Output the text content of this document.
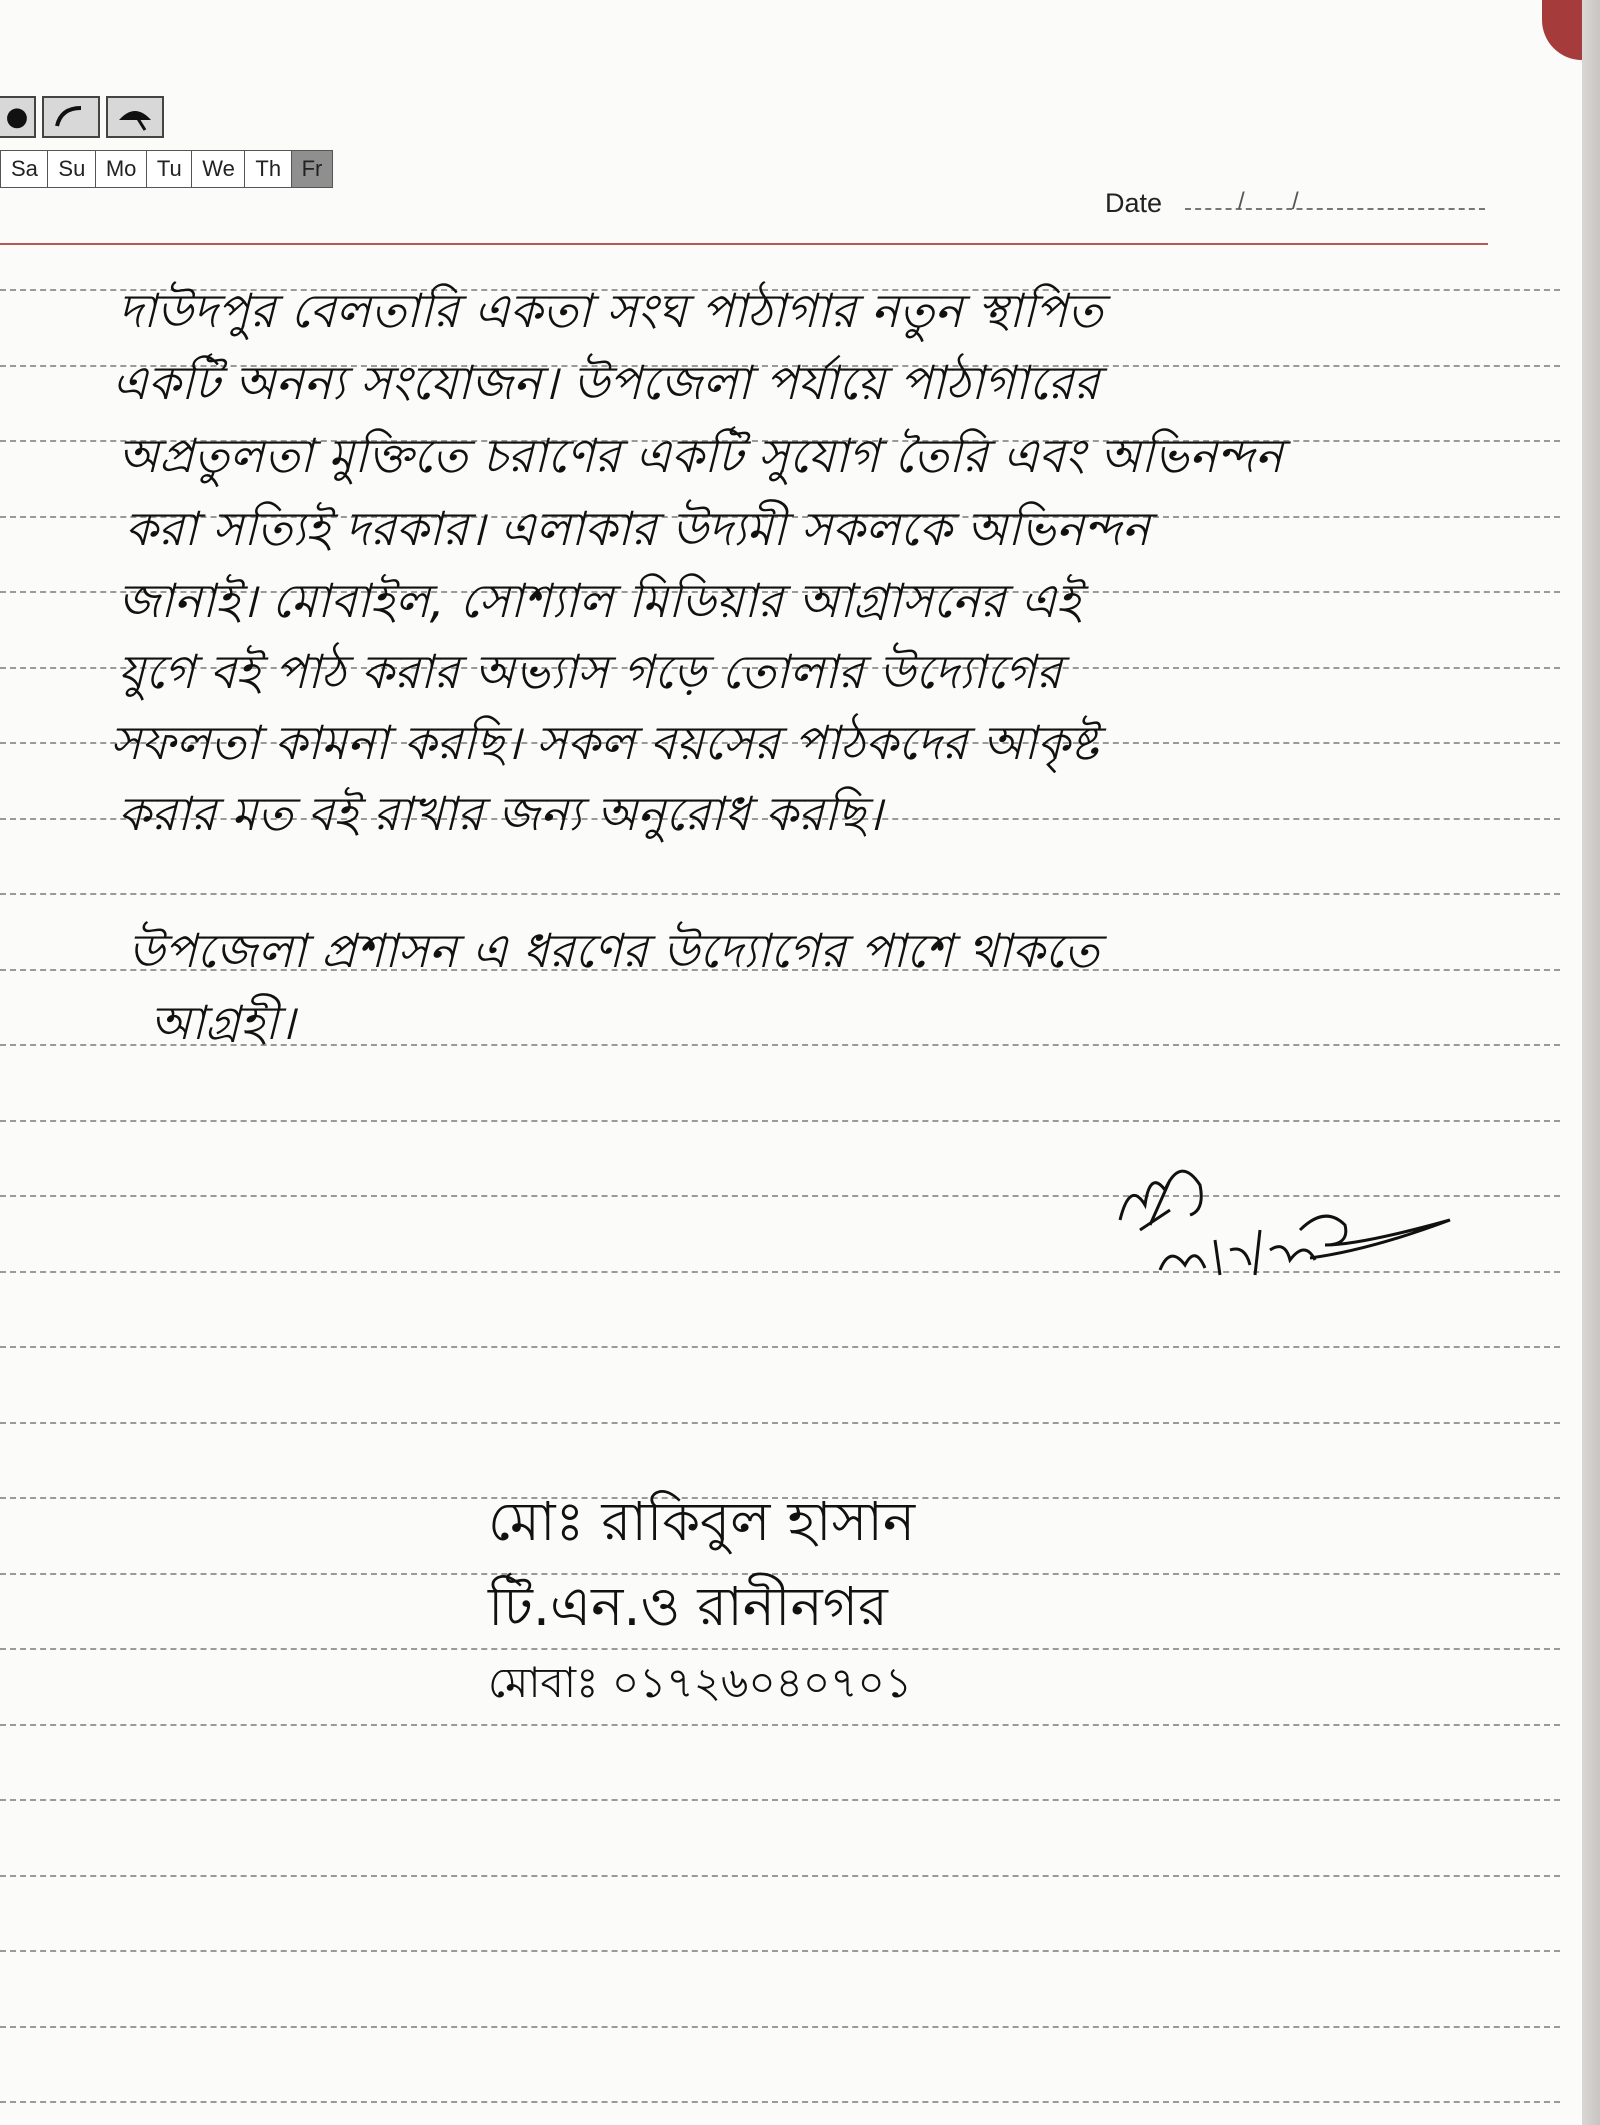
●
Sa Su Mo Tu We Th Fr
Date	/ /
দাউদপুর বেলতারি একতা সংঘ পাঠাগার নতুন স্থাপিত
একটি অনন্য সংযোজন। উপজেলা পর্যায়ে পাঠাগারের
অপ্রতুলতা মুক্তিতে চরাণের একটি সুযোগ তৈরি এবং অভিনন্দন
করা সত্যিই দরকার। এলাকার উদ্যমী সকলকে অভিনন্দন
জানাই। মোবাইল, সোশ্যাল মিডিয়ার আগ্রাসনের এই
যুগে বই পাঠ করার অভ্যাস গড়ে তোলার উদ্যোগের
সফলতা কামনা করছি। সকল বয়সের পাঠকদের আকৃষ্ট
করার মত বই রাখার জন্য অনুরোধ করছি।
উপজেলা প্রশাসন এ ধরণের উদ্যোগের পাশে থাকতে
আগ্রহী।
মোঃ রাকিবুল হাসান
টি.এন.ও রানীনগর
মোবাঃ ০১৭২৬০৪০৭০১
